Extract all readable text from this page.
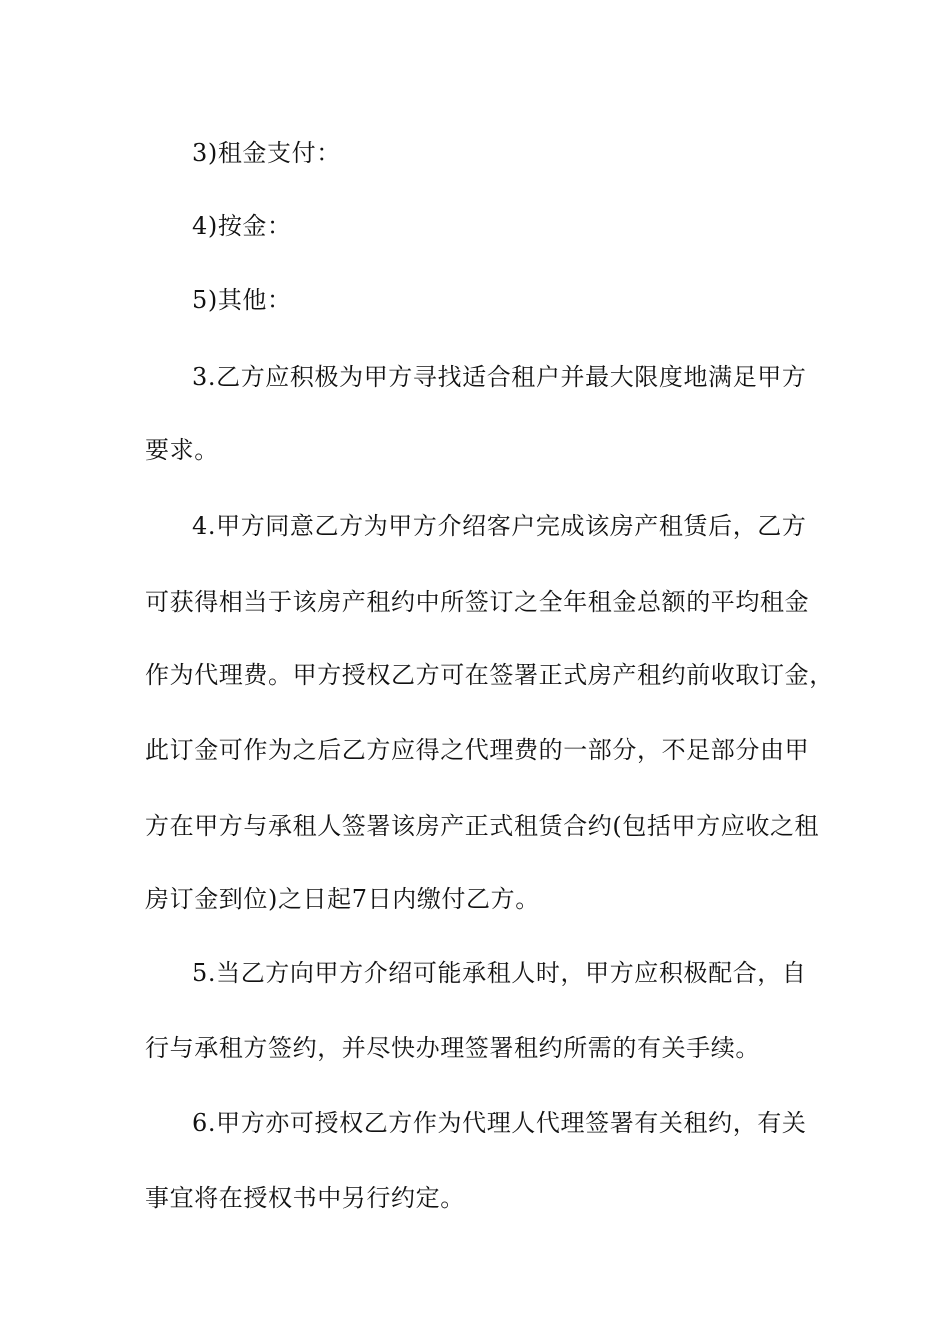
3)租金支付：
4)按金：
5)其他：
3.乙方应积极为甲方寻找适合租户并最大限度地满足甲方
要求。
4.甲方同意乙方为甲方介绍客户完成该房产租赁后，乙方
可获得相当于该房产租约中所签订之全年租金总额的平均租金
作为代理费。甲方授权乙方可在签署正式房产租约前收取订金，
此订金可作为之后乙方应得之代理费的一部分，不足部分由甲
方在甲方与承租人签署该房产正式租赁合约(包括甲方应收之租
房订金到位)之日起7日内缴付乙方。
5.当乙方向甲方介绍可能承租人时，甲方应积极配合，自
行与承租方签约，并尽快办理签署租约所需的有关手续。
6.甲方亦可授权乙方作为代理人代理签署有关租约，有关
事宜将在授权书中另行约定。
